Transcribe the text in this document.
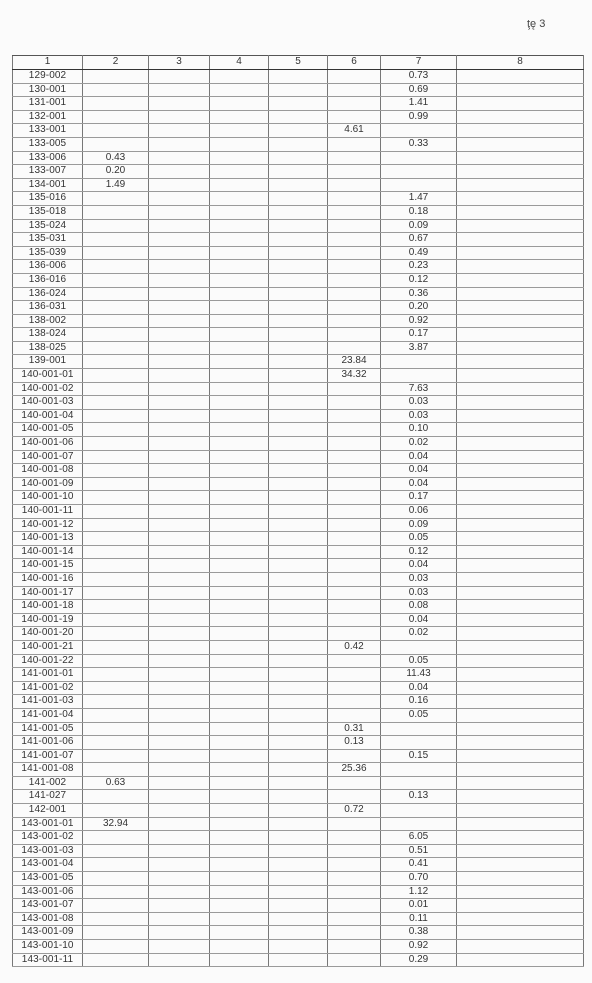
ţę 3
1	2	3	4	5	6	7	8
129-002						0.73	
130-001						0.69	
131-001						1.41	
132-001						0.99	
133-001					4.61		
133-005						0.33	
133-006	0.43						
133-007	0.20						
134-001	1.49						
135-016						1.47	
135-018						0.18	
135-024						0.09	
135-031						0.67	
135-039						0.49	
136-006						0.23	
136-016						0.12	
136-024						0.36	
136-031						0.20	
138-002						0.92	
138-024						0.17	
138-025						3.87	
139-001					23.84		
140-001-01					34.32		
140-001-02						7.63	
140-001-03						0.03	
140-001-04						0.03	
140-001-05						0.10	
140-001-06						0.02	
140-001-07						0.04	
140-001-08						0.04	
140-001-09						0.04	
140-001-10						0.17	
140-001-11						0.06	
140-001-12						0.09	
140-001-13						0.05	
140-001-14						0.12	
140-001-15						0.04	
140-001-16						0.03	
140-001-17						0.03	
140-001-18						0.08	
140-001-19						0.04	
140-001-20						0.02	
140-001-21					0.42		
140-001-22						0.05	
141-001-01						11.43	
141-001-02						0.04	
141-001-03						0.16	
141-001-04						0.05	
141-001-05					0.31		
141-001-06					0.13		
141-001-07						0.15	
141-001-08					25.36		
141-002	0.63						
141-027						0.13	
142-001					0.72		
143-001-01	32.94						
143-001-02						6.05	
143-001-03						0.51	
143-001-04						0.41	
143-001-05						0.70	
143-001-06						1.12	
143-001-07						0.01	
143-001-08						0.11	
143-001-09						0.38	
143-001-10						0.92	
143-001-11						0.29	
